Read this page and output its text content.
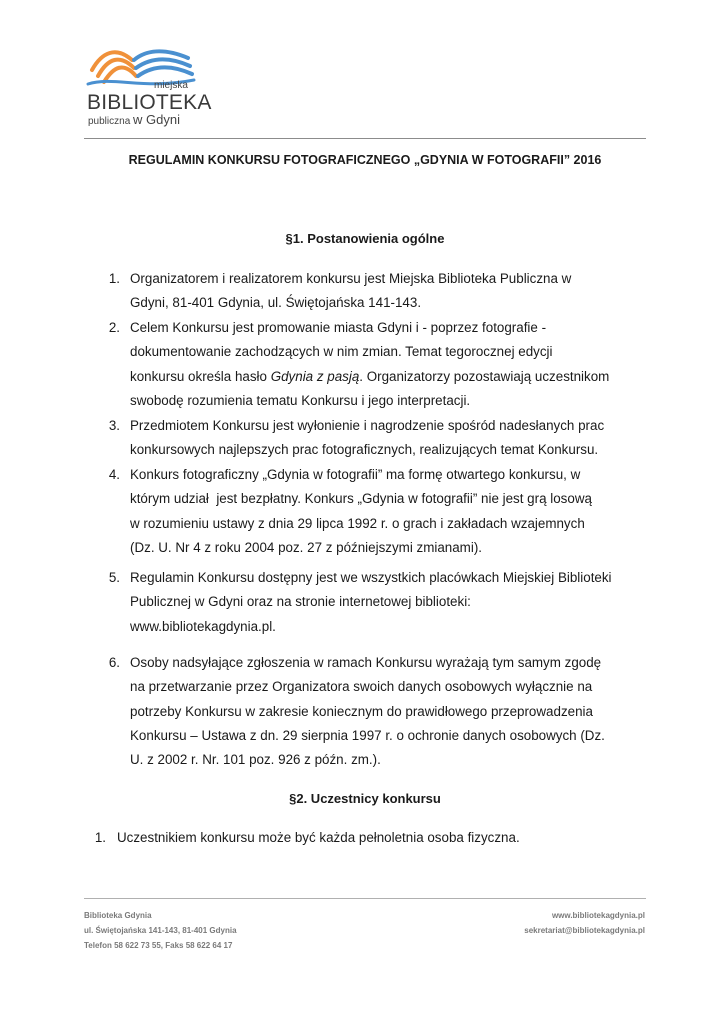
miejska
BIBLIOTEKA
publiczna w Gdyni
REGULAMIN KONKURSU FOTOGRAFICZNEGO „GDYNIA W FOTOGRAFII” 2016
§1. Postanowienia ogólne
1. Organizatorem i realizatorem konkursu jest Miejska Biblioteka Publiczna w
Gdyni, 81-401 Gdynia, ul. Świętojańska 141-143.
2. Celem Konkursu jest promowanie miasta Gdyni i - poprzez fotografie -
dokumentowanie zachodzących w nim zmian. Temat tegorocznej edycji
konkursu określa hasło Gdynia z pasją. Organizatorzy pozostawiają uczestnikom
swobodę rozumienia tematu Konkursu i jego interpretacji.
3. Przedmiotem Konkursu jest wyłonienie i nagrodzenie spośród nadesłanych prac
konkursowych najlepszych prac fotograficznych, realizujących temat Konkursu.
4. Konkurs fotograficzny „Gdynia w fotografii” ma formę otwartego konkursu, w
którym udział  jest bezpłatny. Konkurs „Gdynia w fotografii” nie jest grą losową
w rozumieniu ustawy z dnia 29 lipca 1992 r. o grach i zakładach wzajemnych
(Dz. U. Nr 4 z roku 2004 poz. 27 z późniejszymi zmianami).
5. Regulamin Konkursu dostępny jest we wszystkich placówkach Miejskiej Biblioteki
Publicznej w Gdyni oraz na stronie internetowej biblioteki:
www.bibliotekagdynia.pl.
6. Osoby nadsyłające zgłoszenia w ramach Konkursu wyrażają tym samym zgodę
na przetwarzanie przez Organizatora swoich danych osobowych wyłącznie na
potrzeby Konkursu w zakresie koniecznym do prawidłowego przeprowadzenia
Konkursu – Ustawa z dn. 29 sierpnia 1997 r. o ochronie danych osobowych (Dz.
U. z 2002 r. Nr. 101 poz. 926 z późn. zm.).
§2. Uczestnicy konkursu
1. Uczestnikiem konkursu może być każda pełnoletnia osoba fizyczna.
Biblioteka Gdynia
ul. Świętojańska 141-143, 81-401 Gdynia
Telefon 58 622 73 55, Faks 58 622 64 17
www.bibliotekagdynia.pl
sekretariat@bibliotekagdynia.pl
